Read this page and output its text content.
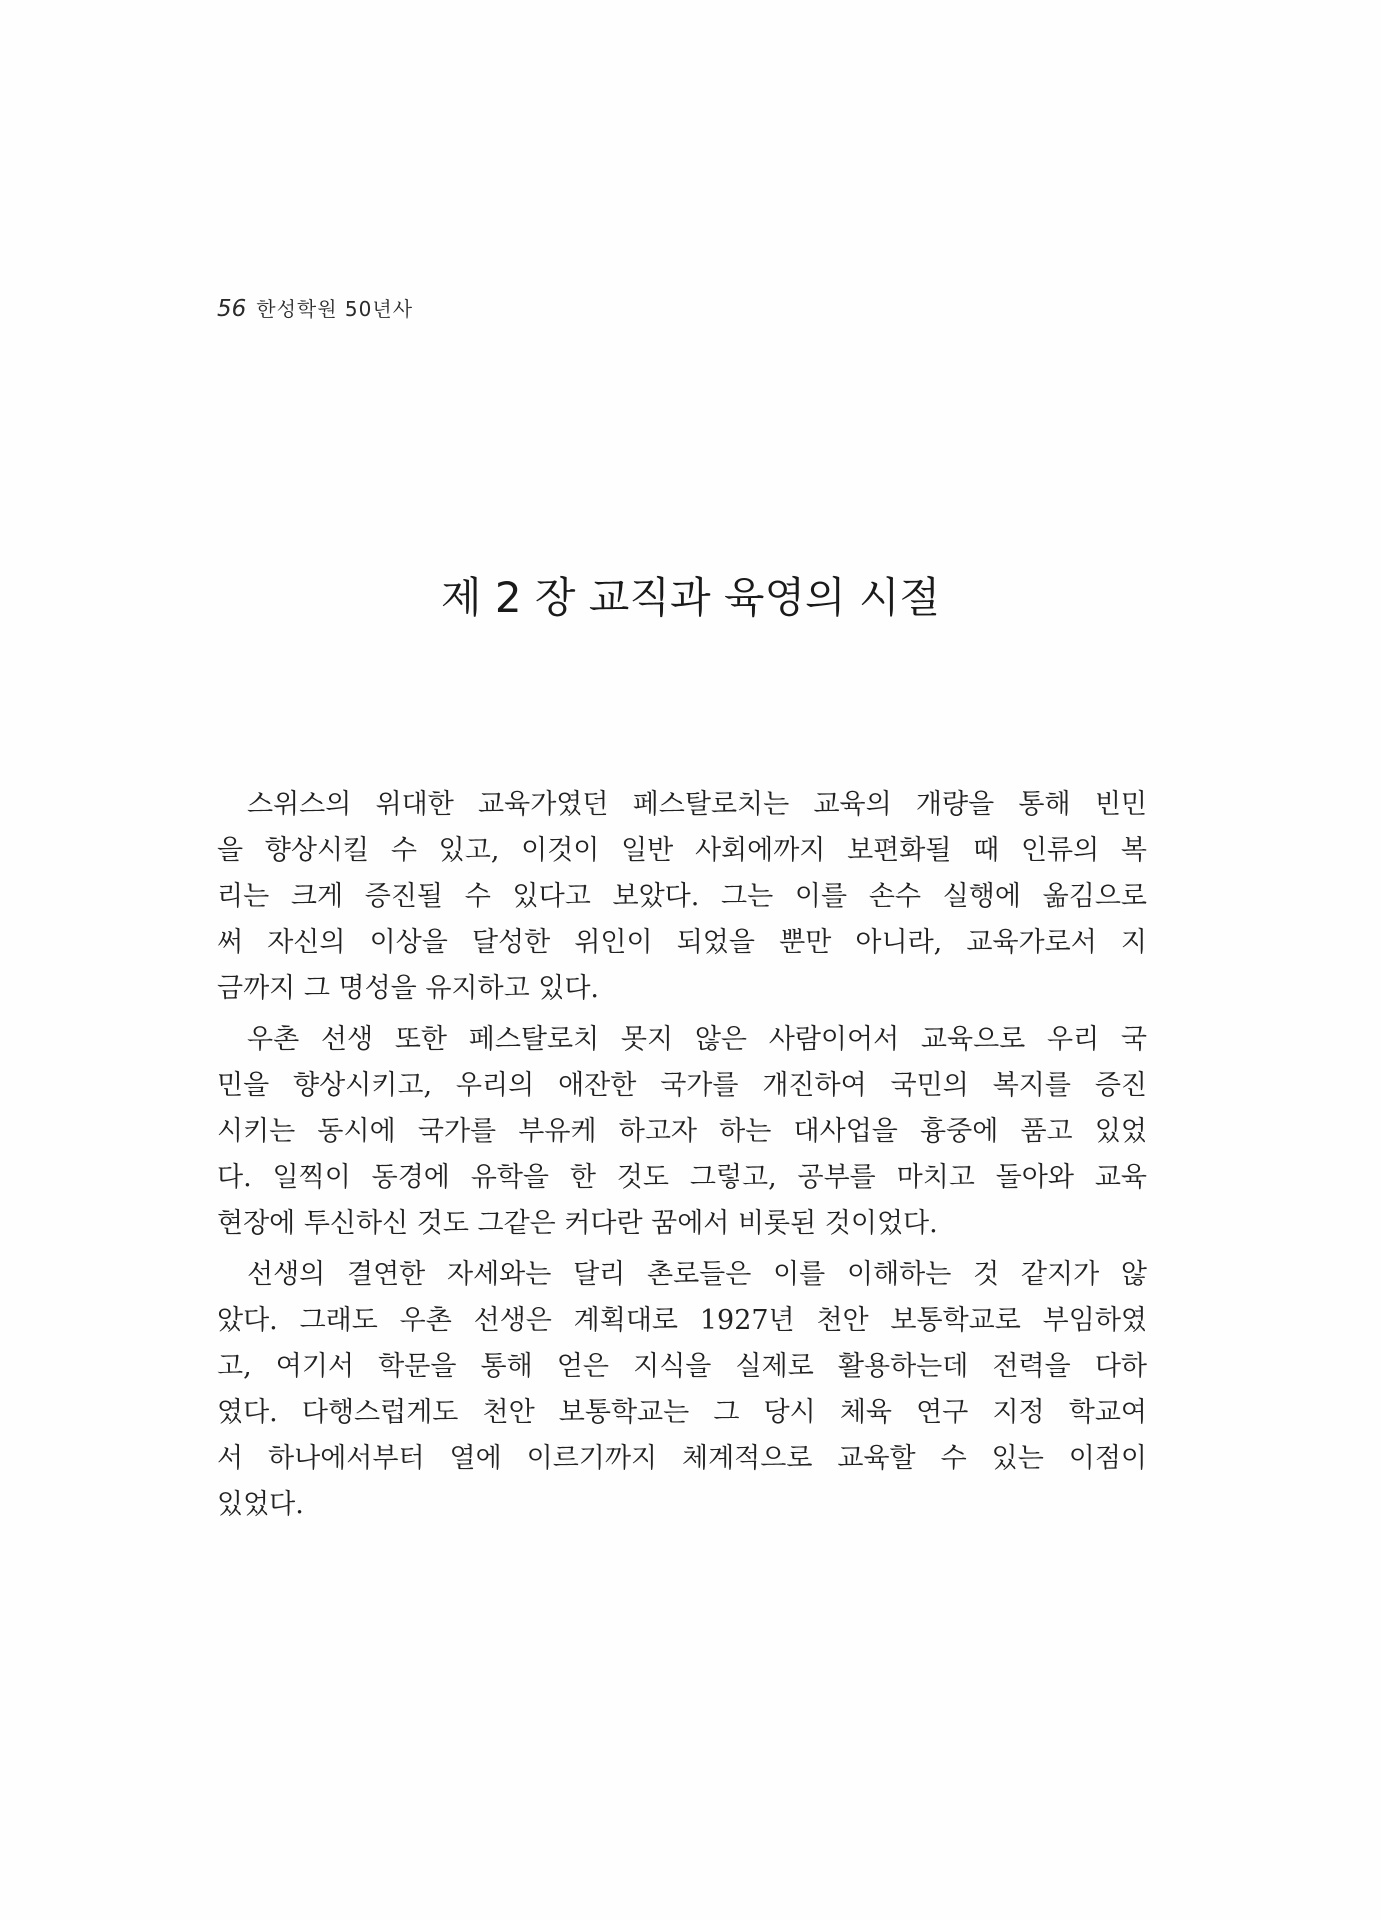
56 한성학원 50년사
제 2 장 교직과 육영의 시절

스위스의 위대한 교육가였던 페스탈로치는 교육의 개량을 통해 빈민
을 향상시킬 수 있고, 이것이 일반 사회에까지 보편화될 때 인류의 복
리는 크게 증진될 수 있다고 보았다. 그는 이를 손수 실행에 옮김으로
써 자신의 이상을 달성한 위인이 되었을 뿐만 아니라, 교육가로서 지
금까지 그 명성을 유지하고 있다.

우촌 선생 또한 페스탈로치 못지 않은 사람이어서 교육으로 우리 국
민을 향상시키고, 우리의 애잔한 국가를 개진하여 국민의 복지를 증진
시키는 동시에 국가를 부유케 하고자 하는 대사업을 흉중에 품고 있었
다. 일찍이 동경에 유학을 한 것도 그렇고, 공부를 마치고 돌아와 교육
현장에 투신하신 것도 그같은 커다란 꿈에서 비롯된 것이었다.

선생의 결연한 자세와는 달리 촌로들은 이를 이해하는 것 같지가 않
았다. 그래도 우촌 선생은 계획대로 1927년 천안 보통학교로 부임하였
고, 여기서 학문을 통해 얻은 지식을 실제로 활용하는데 전력을 다하
였다. 다행스럽게도 천안 보통학교는 그 당시 체육 연구 지정 학교여
서 하나에서부터 열에 이르기까지 체계적으로 교육할 수 있는 이점이
있었다.
